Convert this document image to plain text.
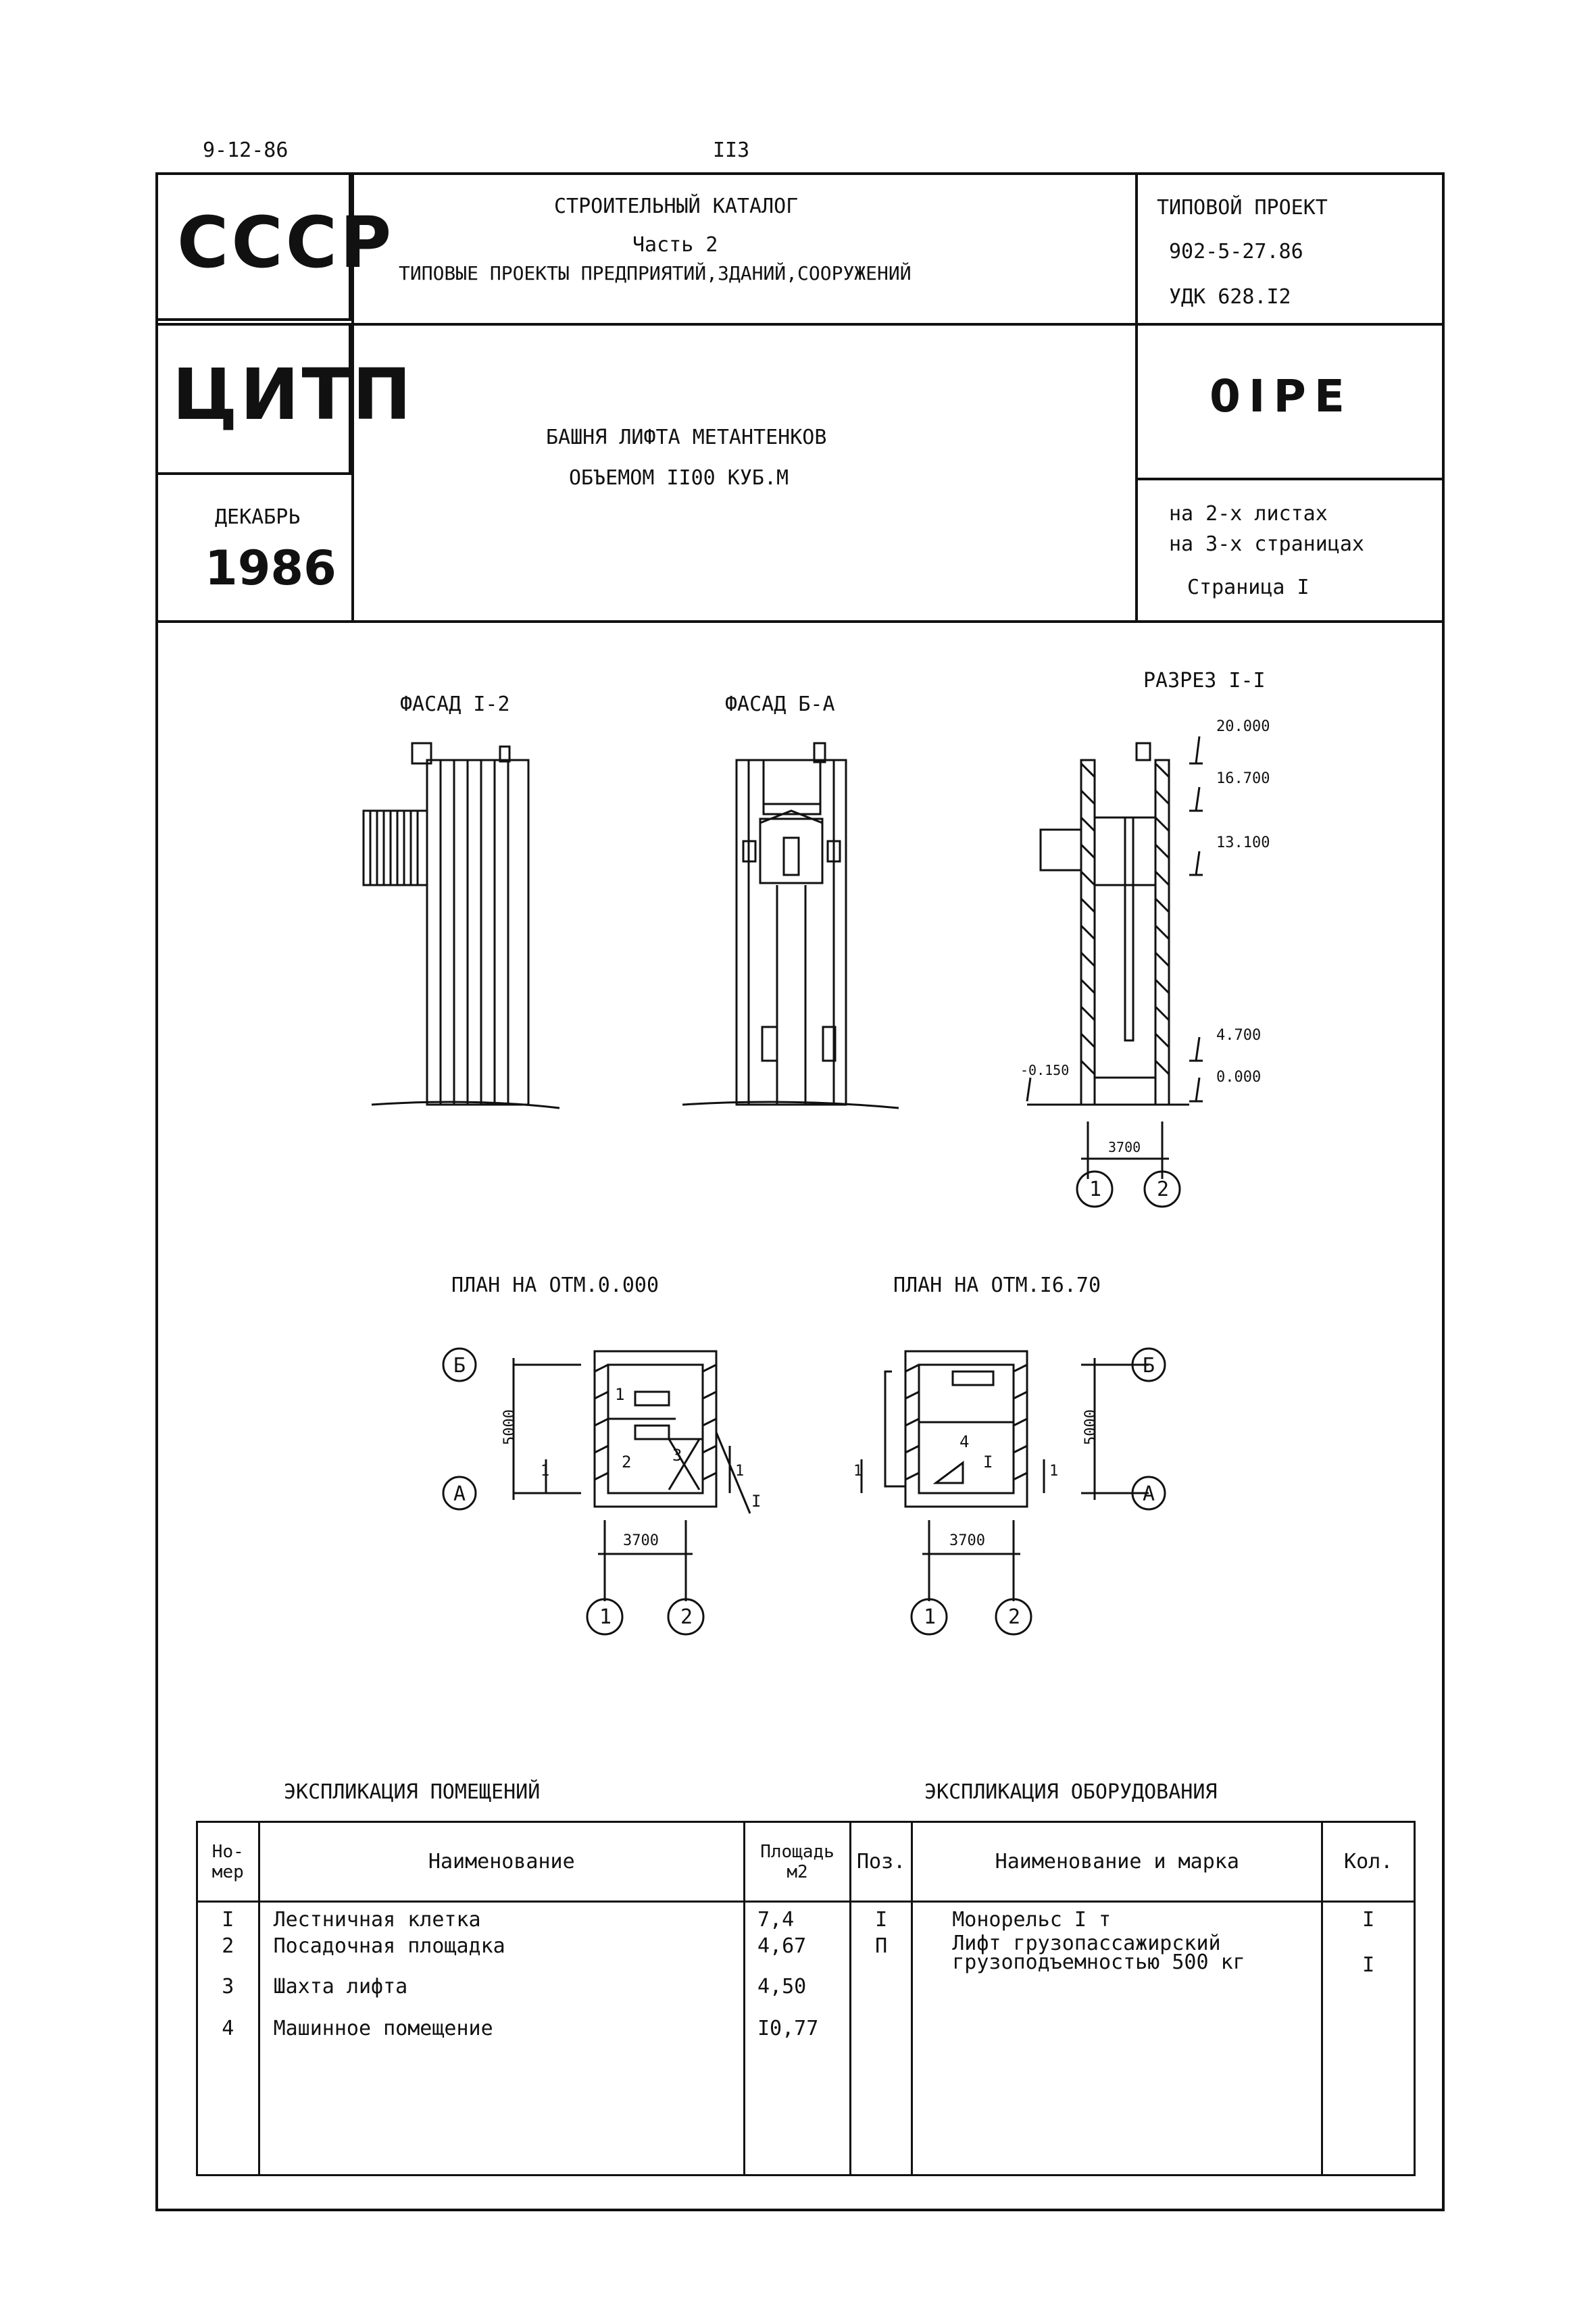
9-12-86	II3
СССР
ЦИТП
ДЕКАБРЬ
1986
СТРОИТЕЛЬНЫЙ КАТАЛОГ
Часть 2
ТИПОВЫЕ ПРОЕКТЫ ПРЕДПРИЯТИЙ,ЗДАНИЙ,СООРУЖЕНИЙ
БАШНЯ ЛИФТА МЕТАНТЕНКОВ
ОБЪЕМОМ II00 КУБ.М
ТИПОВОЙ ПРОЕКТ
902-5-27.86
УДК 628.I2
0IPE
на 2-х листах
на 3-х страницах
Страница I
ФАСАД I-2	ФАСАД Б-А
РАЗРЕЗ I-I
ПЛАН НА ОТМ.0.000	ПЛАН НА ОТМ.I6.70
20.000
16.700
13.100
4.700
0.000
-0.150
3700
1	2
Б
А
5000
3700
1	2
1
2	3
1	1
I
Б
А
5000
3700
1	2
4
I
1	1
ЭКСПЛИКАЦИЯ ПОМЕЩЕНИЙ	ЭКСПЛИКАЦИЯ ОБОРУДОВАНИЯ
Но-мер	Наименование	Площадь м2
I	Лестничная клетка	7,4
2	Посадочная площадка	4,67
3	Шахта лифта	4,50
4	Машинное помещение	I0,77
Поз.	Наименование и марка	Кол.
I	Монорельс I т	I
П	Лифт грузопассажирский
грузоподъемностью 500 кг	I
